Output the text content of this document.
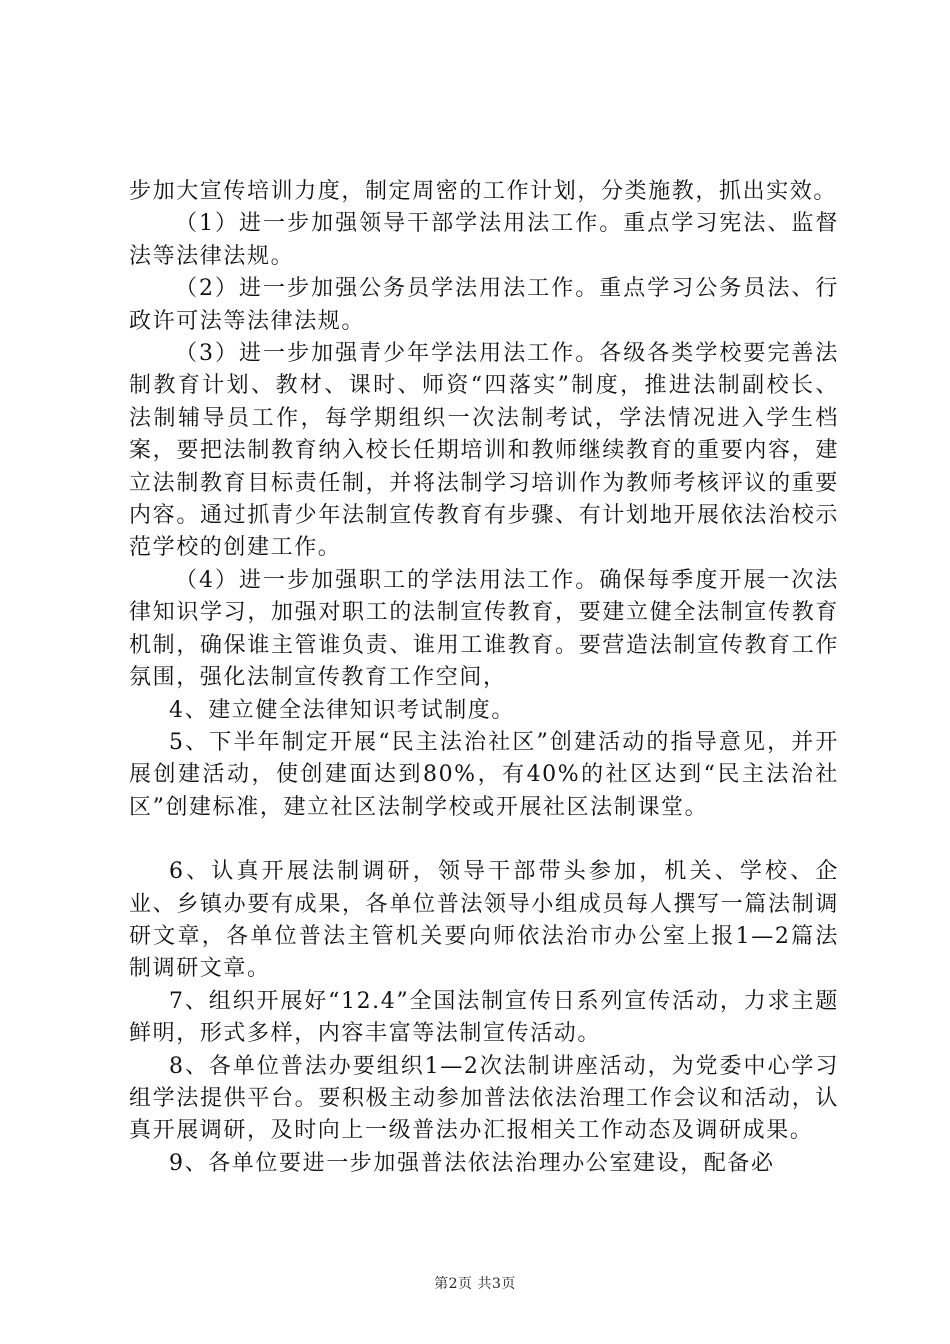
步加大宣传培训力度，制定周密的工作计划，分类施教，抓出实效。

（1）进一步加强领导干部学法用法工作。重点学习宪法、监督法等法律法规。

（2）进一步加强公务员学法用法工作。重点学习公务员法、行政许可法等法律法规。

（3）进一步加强青少年学法用法工作。各级各类学校要完善法制教育计划、教材、课时、师资“四落实”制度，推进法制副校长、法制辅导员工作，每学期组织一次法制考试，学法情况进入学生档案，要把法制教育纳入校长任期培训和教师继续教育的重要内容，建立法制教育目标责任制，并将法制学习培训作为教师考核评议的重要内容。通过抓青少年法制宣传教育有步骤、有计划地开展依法治校示范学校的创建工作。

（4）进一步加强职工的学法用法工作。确保每季度开展一次法律知识学习，加强对职工的法制宣传教育，要建立健全法制宣传教育机制，确保谁主管谁负责、谁用工谁教育。要营造法制宣传教育工作氛围，强化法制宣传教育工作空间，

4、建立健全法律知识考试制度。

5、下半年制定开展“民主法治社区”创建活动的指导意见，并开展创建活动，使创建面达到80%，有40%的社区达到“民主法治社区”创建标准，建立社区法制学校或开展社区法制课堂。

6、认真开展法制调研，领导干部带头参加，机关、学校、企业、乡镇办要有成果，各单位普法领导小组成员每人撰写一篇法制调研文章，各单位普法主管机关要向师依法治市办公室上报1—2篇法制调研文章。

7、组织开展好“12.4”全国法制宣传日系列宣传活动，力求主题鲜明，形式多样，内容丰富等法制宣传活动。

8、各单位普法办要组织1—2次法制讲座活动，为党委中心学习组学法提供平台。要积极主动参加普法依法治理工作会议和活动，认真开展调研，及时向上一级普法办汇报相关工作动态及调研成果。

9、各单位要进一步加强普法依法治理办公室建设，配备必

第2页 共3页
